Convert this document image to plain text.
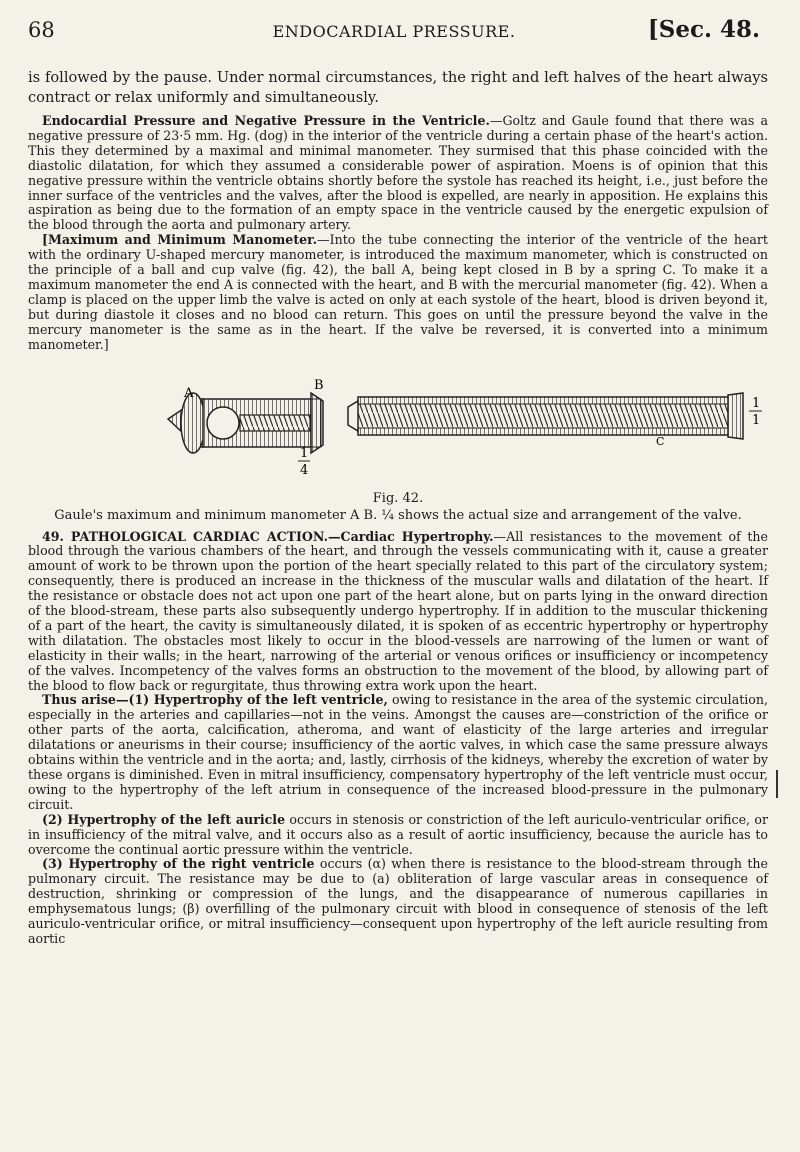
68	ENDOCARDIAL PRESSURE.	[Sec. 48.

is followed by the pause. Under normal circumstances, the right and left halves of the heart always contract or relax uniformly and simultaneously.

Endocardial Pressure and Negative Pressure in the Ventricle.—Goltz and Gaule found that there was a negative pressure of 23·5 mm. Hg. (dog) in the interior of the ventricle during a certain phase of the heart's action. This they determined by a maximal and minimal manometer. They surmised that this phase coincided with the diastolic dilatation, for which they assumed a considerable power of aspiration. Moens is of opinion that this negative pressure within the ventricle obtains shortly before the systole has reached its height, i.e., just before the inner surface of the ventricles and the valves, after the blood is expelled, are nearly in apposition. He explains this aspiration as being due to the formation of an empty space in the ventricle caused by the energetic expulsion of the blood through the aorta and pulmonary artery.

[Maximum and Minimum Manometer.—Into the tube connecting the interior of the ventricle of the heart with the ordinary U-shaped mercury manometer, is introduced the maximum manometer, which is constructed on the principle of a ball and cup valve (fig. 42), the ball A, being kept closed in B by a spring C. To make it a maximum manometer the end A is connected with the heart, and B with the mercurial manometer (fig. 42). When a clamp is placed on the upper limb the valve is acted on only at each systole of the heart, blood is driven beyond it, but during diastole it closes and no blood can return. This goes on until the pressure beyond the valve in the mercury manometer is the same as in the heart. If the valve be reversed, it is converted into a minimum manometer.]

A
B
1
4
C
1
1
Fig. 42.
Gaule's maximum and minimum manometer A B. ¼ shows the actual size and arrangement of the valve.

49. PATHOLOGICAL CARDIAC ACTION.—Cardiac Hypertrophy.—All resistances to the movement of the blood through the various chambers of the heart, and through the vessels communicating with it, cause a greater amount of work to be thrown upon the portion of the heart specially related to this part of the circulatory system; consequently, there is produced an increase in the thickness of the muscular walls and dilatation of the heart. If the resistance or obstacle does not act upon one part of the heart alone, but on parts lying in the onward direction of the blood-stream, these parts also subsequently undergo hypertrophy. If in addition to the muscular thickening of a part of the heart, the cavity is simultaneously dilated, it is spoken of as eccentric hypertrophy or hypertrophy with dilatation. The obstacles most likely to occur in the blood-vessels are narrowing of the lumen or want of elasticity in their walls; in the heart, narrowing of the arterial or venous orifices or insufficiency or incompetency of the valves. Incompetency of the valves forms an obstruction to the movement of the blood, by allowing part of the blood to flow back or regurgitate, thus throwing extra work upon the heart.

Thus arise—(1) Hypertrophy of the left ventricle, owing to resistance in the area of the systemic circulation, especially in the arteries and capillaries—not in the veins. Amongst the causes are—constriction of the orifice or other parts of the aorta, calcification, atheroma, and want of elasticity of the large arteries and irregular dilatations or aneurisms in their course; insufficiency of the aortic valves, in which case the same pressure always obtains within the ventricle and in the aorta; and, lastly, cirrhosis of the kidneys, whereby the excretion of water by these organs is diminished. Even in mitral insufficiency, compensatory hypertrophy of the left ventricle must occur, owing to the hypertrophy of the left atrium in consequence of the increased blood-pressure in the pulmonary circuit.

(2) Hypertrophy of the left auricle occurs in stenosis or constriction of the left auriculo-ventricular orifice, or in insufficiency of the mitral valve, and it occurs also as a result of aortic insufficiency, because the auricle has to overcome the continual aortic pressure within the ventricle.

(3) Hypertrophy of the right ventricle occurs (α) when there is resistance to the blood-stream through the pulmonary circuit. The resistance may be due to (a) obliteration of large vascular areas in consequence of destruction, shrinking or compression of the lungs, and the disappearance of numerous capillaries in emphysematous lungs; (β) overfilling of the pulmonary circuit with blood in consequence of stenosis of the left auriculo-ventricular orifice, or mitral insufficiency—consequent upon hypertrophy of the left auricle resulting from aortic
